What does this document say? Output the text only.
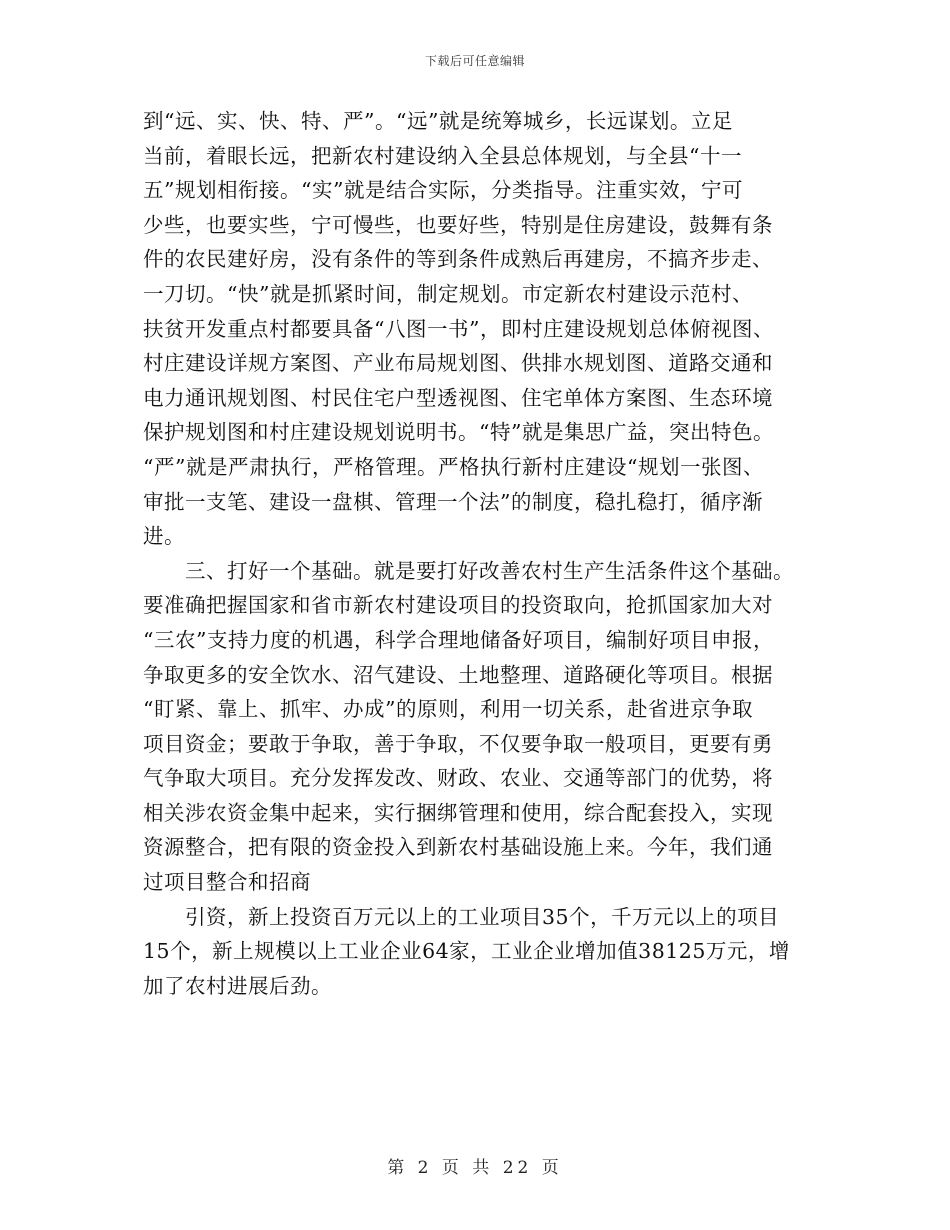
下载后可任意编辑
到“远、实、快、特、严”。“远”就是统筹城乡，长远谋划。立足
当前，着眼长远，把新农村建设纳入全县总体规划，与全县“十一
五”规划相衔接。“实”就是结合实际，分类指导。注重实效，宁可
少些，也要实些，宁可慢些，也要好些，特别是住房建设，鼓舞有条
件的农民建好房，没有条件的等到条件成熟后再建房，不搞齐步走、
一刀切。“快”就是抓紧时间，制定规划。市定新农村建设示范村、
扶贫开发重点村都要具备“八图一书”，即村庄建设规划总体俯视图、
村庄建设详规方案图、产业布局规划图、供排水规划图、道路交通和
电力通讯规划图、村民住宅户型透视图、住宅单体方案图、生态环境
保护规划图和村庄建设规划说明书。“特”就是集思广益，突出特色。
“严”就是严肃执行，严格管理。严格执行新村庄建设“规划一张图、
审批一支笔、建设一盘棋、管理一个法”的制度，稳扎稳打，循序渐
进。
三、打好一个基础。就是要打好改善农村生产生活条件这个基础。
要准确把握国家和省市新农村建设项目的投资取向，抢抓国家加大对
“三农”支持力度的机遇，科学合理地储备好项目，编制好项目申报，
争取更多的安全饮水、沼气建设、土地整理、道路硬化等项目。根据
“盯紧、靠上、抓牢、办成”的原则，利用一切关系，赴省进京争取
项目资金；要敢于争取，善于争取，不仅要争取一般项目，更要有勇
气争取大项目。充分发挥发改、财政、农业、交通等部门的优势，将
相关涉农资金集中起来，实行捆绑管理和使用，综合配套投入，实现
资源整合，把有限的资金投入到新农村基础设施上来。今年，我们通
过项目整合和招商
引资，新上投资百万元以上的工业项目35个，千万元以上的项目
15个，新上规模以上工业企业64家，工业企业增加值38125万元，增
加了农村进展后劲。
第 2 页 共 22 页
